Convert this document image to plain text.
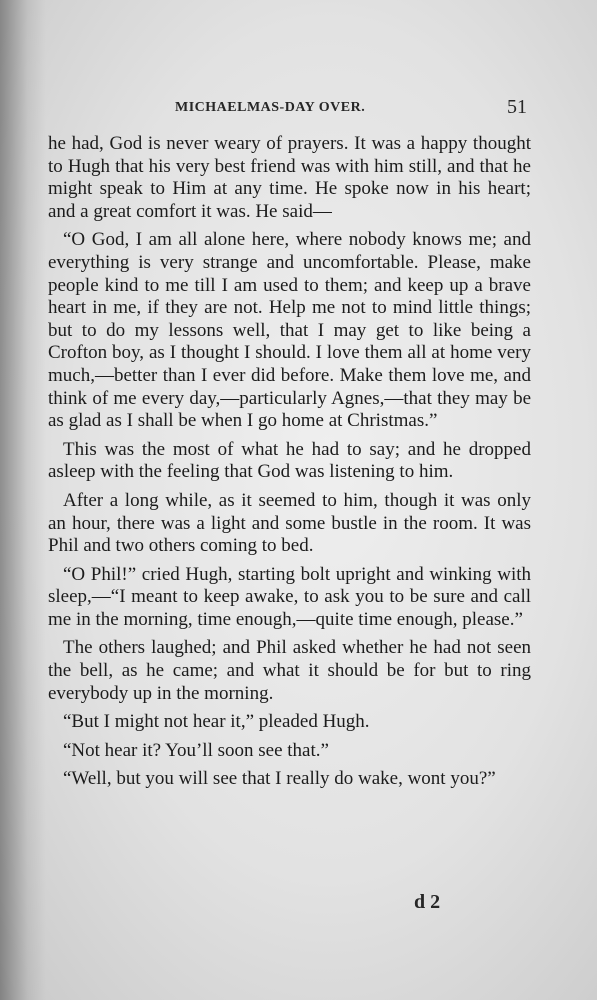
MICHAELMAS-DAY OVER.	51

he had, God is never weary of prayers. It was a happy thought to Hugh that his very best friend was with him still, and that he might speak to Him at any time. He spoke now in his heart; and a great comfort it was. He said—

“O God, I am all alone here, where nobody knows me; and everything is very strange and uncomfortable. Please, make people kind to me till I am used to them; and keep up a brave heart in me, if they are not. Help me not to mind little things; but to do my lessons well, that I may get to like being a Crofton boy, as I thought I should. I love them all at home very much,—better than I ever did before. Make them love me, and think of me every day,—particularly Agnes,—that they may be as glad as I shall be when I go home at Christmas.”

This was the most of what he had to say; and he dropped asleep with the feeling that God was listening to him.

After a long while, as it seemed to him, though it was only an hour, there was a light and some bustle in the room. It was Phil and two others coming to bed.

“O Phil!” cried Hugh, starting bolt upright and winking with sleep,—“I meant to keep awake, to ask you to be sure and call me in the morning, time enough,—quite time enough, please.”

The others laughed; and Phil asked whether he had not seen the bell, as he came; and what it should be for but to ring everybody up in the morning.

“But I might not hear it,” pleaded Hugh.

“Not hear it? You’ll soon see that.”

“Well, but you will see that I really do wake, wont you?”

d 2
